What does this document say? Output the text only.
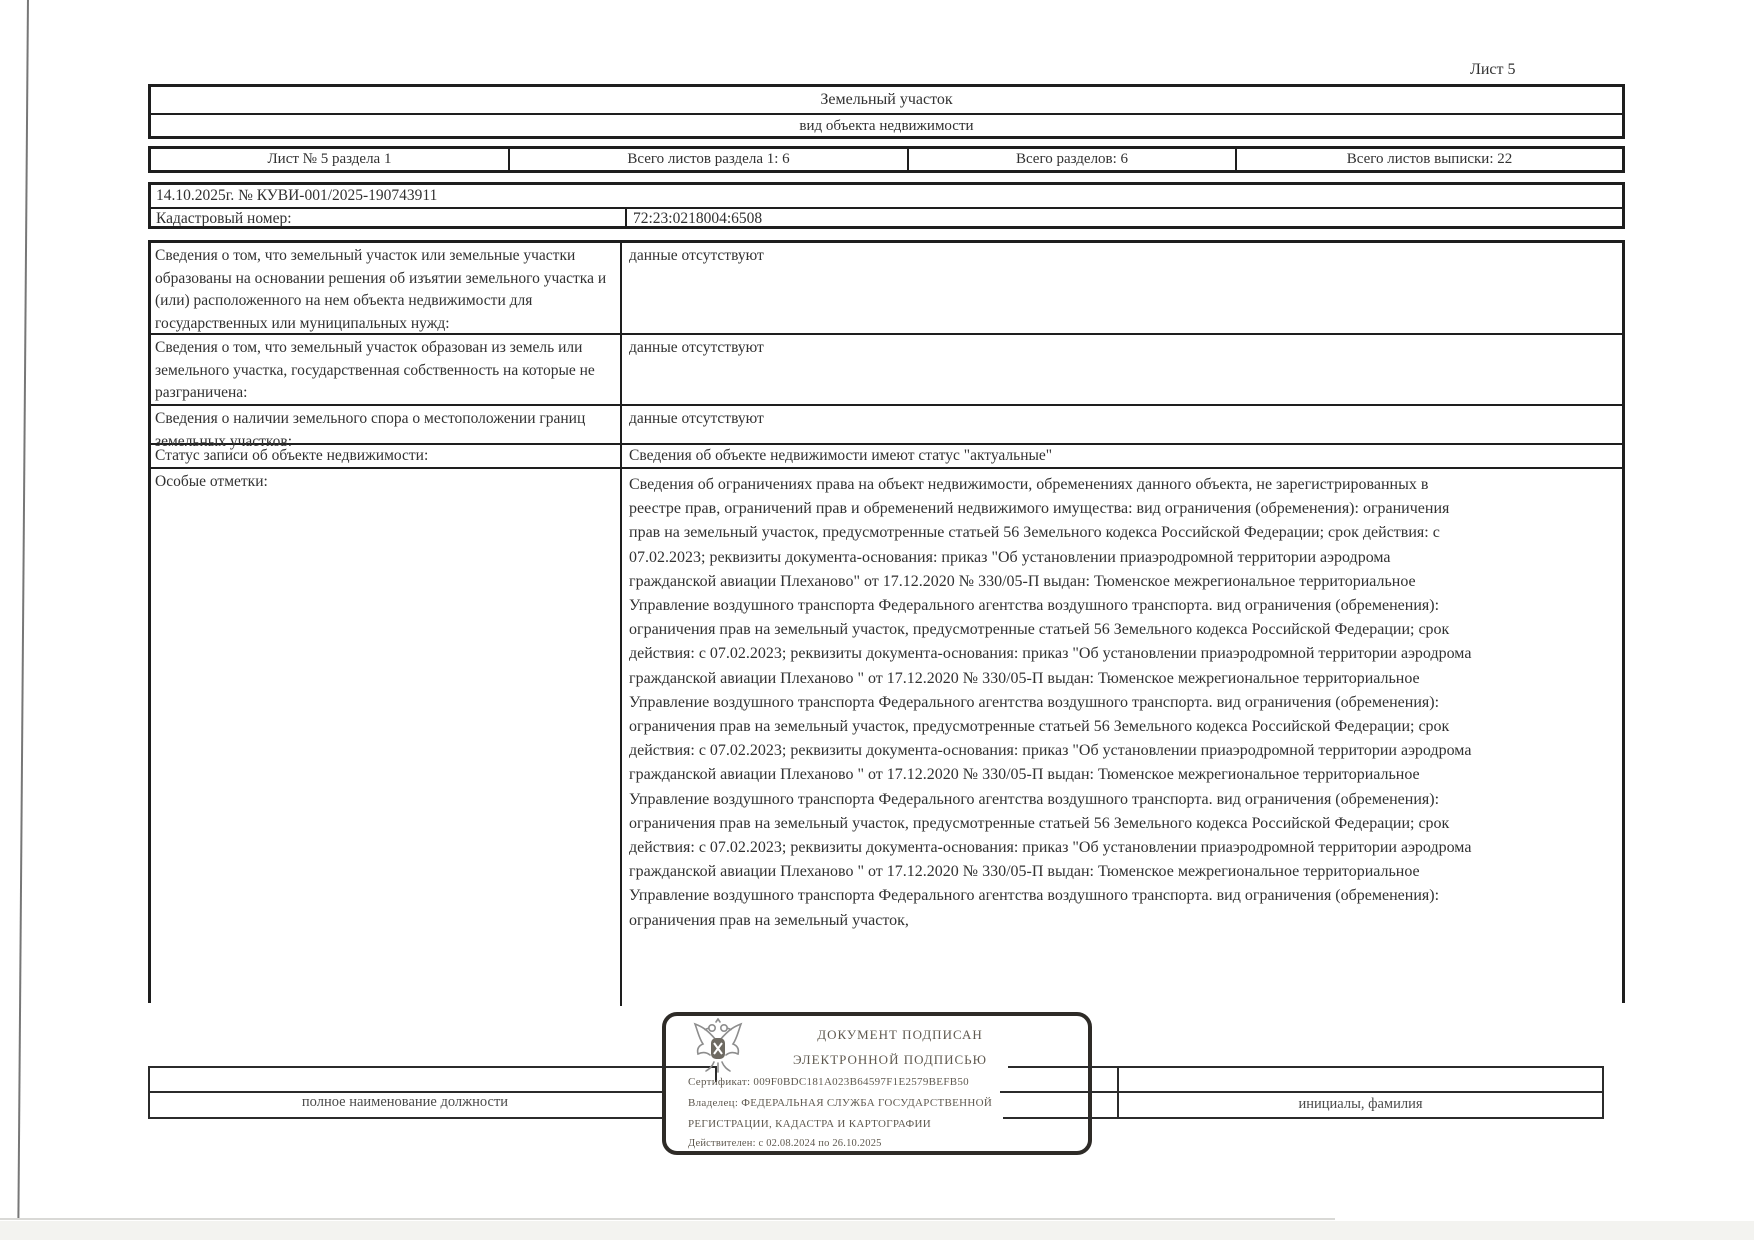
Лист 5
Земельный участок
вид объекта недвижимости
Лист № 5 раздела 1	Всего листов раздела 1: 6	Всего разделов: 6	Всего листов выписки: 22
14.10.2025г. № КУВИ-001/2025-190743911
Кадастровый номер:	72:23:0218004:6508
Сведения о том, что земельный участок или земельные участки образованы на основании решения об изъятии земельного участка и (или) расположенного на нем объекта недвижимости для государственных или муниципальных нужд:
данные отсутствуют
Сведения о том, что земельный участок образован из земель или земельного участка, государственная собственность на которые не разграничена:
данные отсутствуют
Сведения о наличии земельного спора о местоположении границ земельных участков:
данные отсутствуют
Статус записи об объекте недвижимости:	Сведения об объекте недвижимости имеют статус "актуальные"
Особые отметки:	Сведения об ограничениях права на объект недвижимости, обременениях данного объекта, не зарегистрированных в реестре прав, ограничений прав и обременений недвижимого имущества: вид ограничения (обременения): ограничения прав на земельный участок, предусмотренные статьей 56 Земельного кодекса Российской Федерации; срок действия: с 07.02.2023; реквизиты документа-основания: приказ "Об установлении приаэродромной территории аэродрома гражданской авиации Плеханово" от 17.12.2020 № 330/05-П выдан: Тюменское межрегиональное территориальное Управление воздушного транспорта Федерального агентства воздушного транспорта. вид ограничения (обременения): ограничения прав на земельный участок, предусмотренные статьей 56 Земельного кодекса Российской Федерации; срок действия: с 07.02.2023; реквизиты документа-основания: приказ "Об установлении приаэродромной территории аэродрома гражданской авиации Плеханово " от 17.12.2020 № 330/05-П выдан: Тюменское межрегиональное территориальное Управление воздушного транспорта Федерального агентства воздушного транспорта. вид ограничения (обременения): ограничения прав на земельный участок, предусмотренные статьей 56 Земельного кодекса Российской Федерации; срок действия: с 07.02.2023; реквизиты документа-основания: приказ "Об установлении приаэродромной территории аэродрома гражданской авиации Плеханово " от 17.12.2020 № 330/05-П выдан: Тюменское межрегиональное территориальное Управление воздушного транспорта Федерального агентства воздушного транспорта. вид ограничения (обременения): ограничения прав на земельный участок, предусмотренные статьей 56 Земельного кодекса Российской Федерации; срок действия: с 07.02.2023; реквизиты документа-основания: приказ "Об установлении приаэродромной территории аэродрома гражданской авиации Плеханово " от 17.12.2020 № 330/05-П выдан: Тюменское межрегиональное территориальное Управление воздушного транспорта Федерального агентства воздушного транспорта. вид ограничения (обременения): ограничения прав на земельный участок,
полное наименование должности	инициалы, фамилия
ДОКУМЕНТ ПОДПИСАН
ЭЛЕКТРОННОЙ ПОДПИСЬЮ
Сертификат: 009F0BDC181A023B64597F1E2579BEFB50
Владелец: ФЕДЕРАЛЬНАЯ СЛУЖБА ГОСУДАРСТВЕННОЙ
РЕГИСТРАЦИИ, КАДАСТРА И КАРТОГРАФИИ
Действителен: с 02.08.2024 по 26.10.2025
